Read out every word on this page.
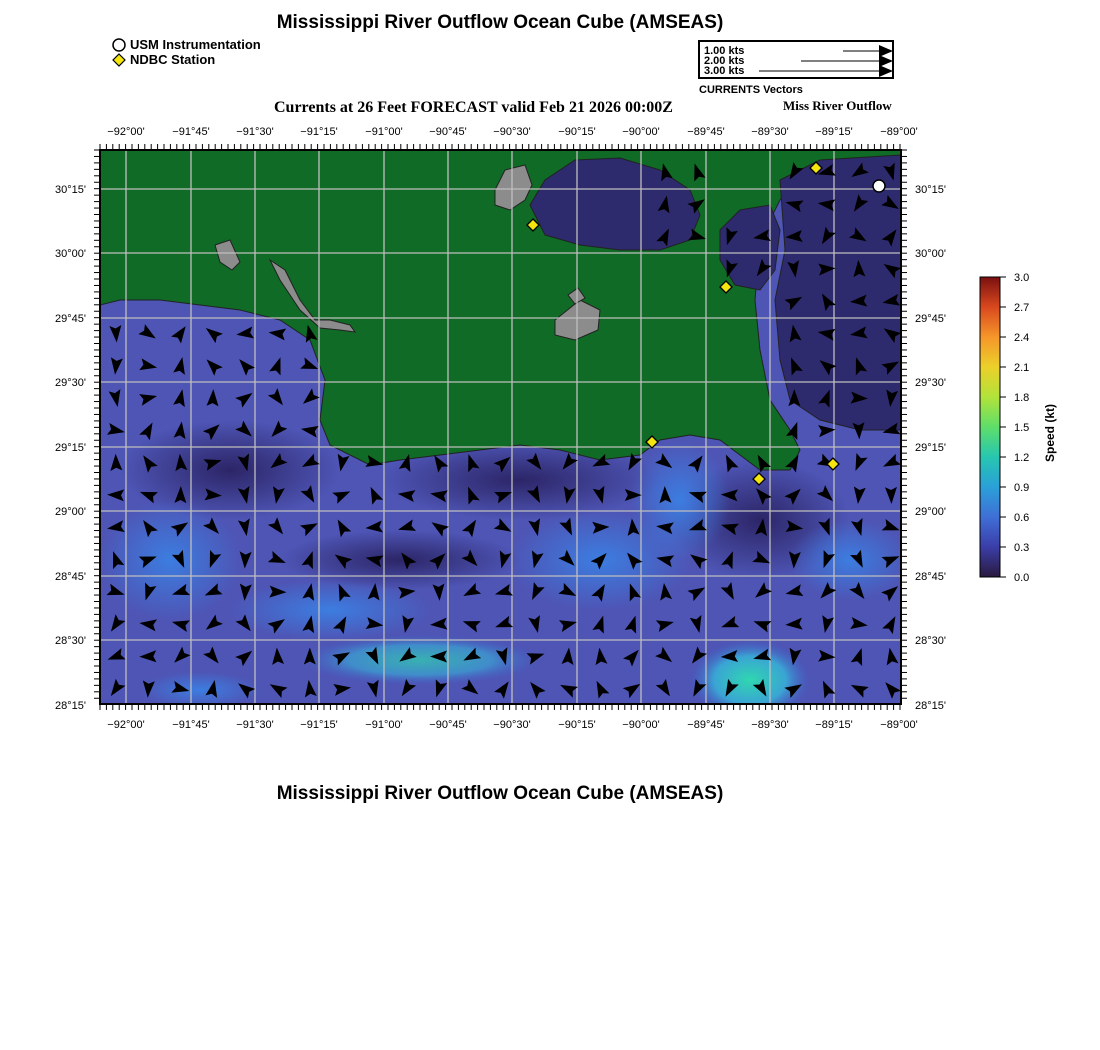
Mississippi River Outflow Ocean Cube (AMSEAS)
USM Instrumentation
NDBC Station
1.00 kts
2.00 kts
3.00 kts
CURRENTS Vectors
Currents at 26 Feet FORECAST valid Feb 21 2026 00:00Z	Miss River Outflow
−92°00'	−91°45' −91°30' −91°15'	−91°00' −90°45' −90°30'	−90°15' −90°00'	−89°45' −89°30' −89°15'	−89°00'
−92°00'	−91°45' −91°30' −91°15'	−91°00' −90°45' −90°30'	−90°15' −90°00'	−89°45' −89°30' −89°15'	−89°00'
30°15'
30°00'
29°45'
29°30'
29°15'
29°00'
28°45'
28°30'
28°15'
30°15'
30°00'
29°45'
29°30'
29°15'
29°00'
28°45'
28°30'
28°15'
3.0
2.7
2.4
2.1
1.8
1.5
1.2
0.9
0.6
0.3
0.0
Speed (kt)
Mississippi River Outflow Ocean Cube (AMSEAS)
